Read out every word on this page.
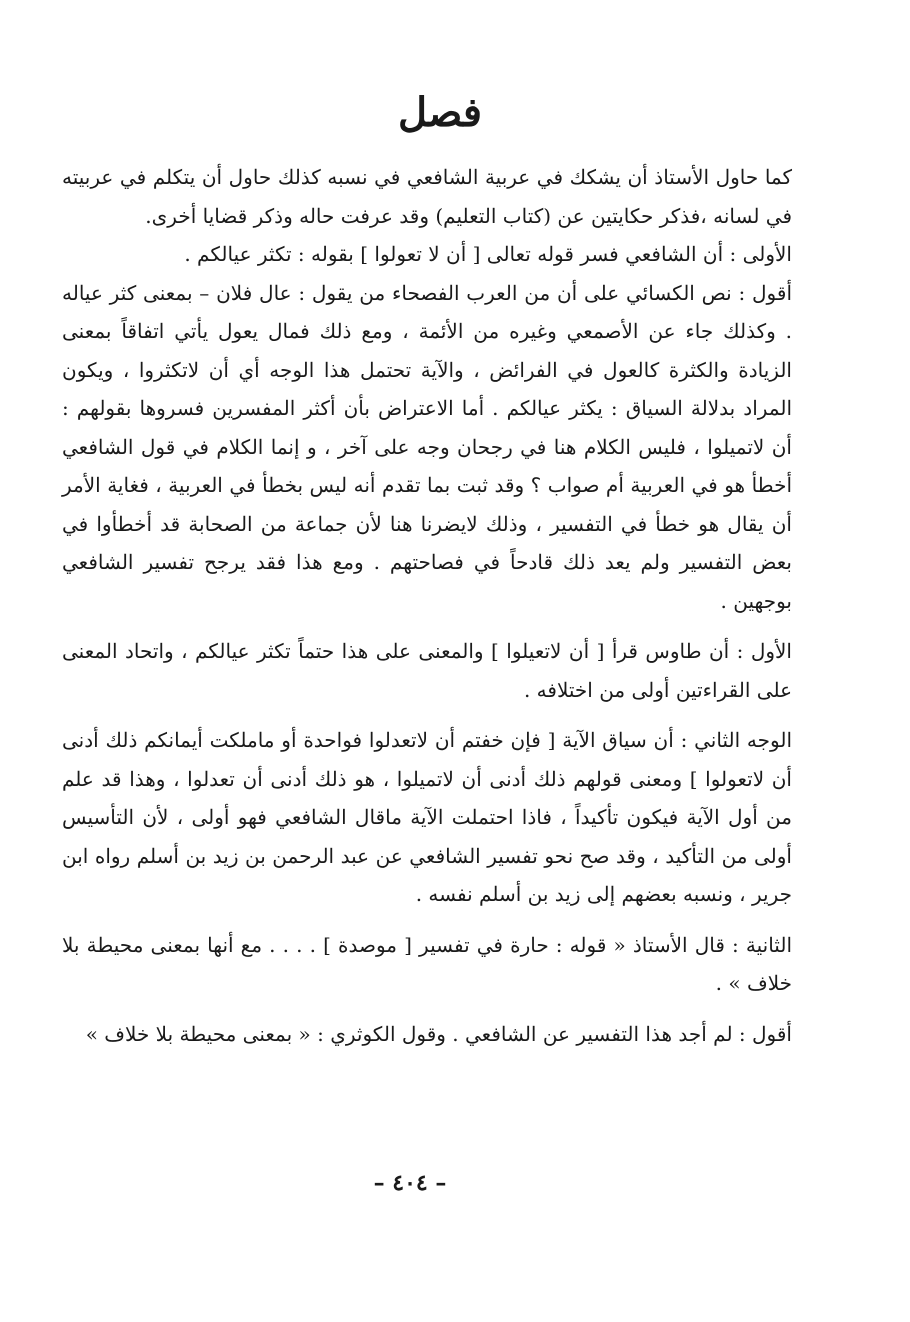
فصل

كما حاول الأستاذ أن يشكك في عربية الشافعي في نسبه كذلك حاول أن يتكلم في عربيته في لسانه ،فذكر حكايتين عن (كتاب التعليم) وقد عرفت حاله وذكر قضايا أخرى.

الأولى : أن الشافعي فسر قوله تعالى [ أن لا تعولوا ] بقوله : تكثر عيالكم .

أقول : نص الكسائي على أن من العرب الفصحاء من يقول : عال فلان – بمعنى كثر عياله . وكذلك جاء عن الأصمعي وغيره من الأئمة ، ومع ذلك فمال يعول يأتي اتفاقاً بمعنى الزيادة والكثرة كالعول في الفرائض ، والآية تحتمل هذا الوجه أي أن لاتكثروا ، ويكون المراد بدلالة السياق : يكثر عيالكم . أما الاعتراض بأن أكثر المفسرين فسروها بقولهم : أن لاتميلوا ، فليس الكلام هنا في رجحان وجه على آخر ، و إنما الكلام في قول الشافعي أخطأ هو في العربية أم صواب ؟ وقد ثبت بما تقدم أنه ليس بخطأ في العربية ، فغاية الأمر أن يقال هو خطأ في التفسير ، وذلك لايضرنا هنا لأن جماعة من الصحابة قد أخطأوا في بعض التفسير ولم يعد ذلك قادحاً في فصاحتهم . ومع هذا فقد يرجح تفسير الشافعي بوجهين .

الأول : أن طاوس قرأ [ أن لاتعيلوا ] والمعنى على هذا حتماً تكثر عيالكم ، واتحاد المعنى على القراءتين أولى من اختلافه .

الوجه الثاني : أن سياق الآية [ فإن خفتم أن لاتعدلوا فواحدة أو ماملكت أيمانكم ذلك أدنى أن لاتعولوا ] ومعنى قولهم ذلك أدنى أن لاتميلوا ، هو ذلك أدنى أن تعدلوا ، وهذا قد علم من أول الآية فيكون تأكيداً ، فاذا احتملت الآية ماقال الشافعي فهو أولى ، لأن التأسيس أولى من التأكيد ، وقد صح نحو تفسير الشافعي عن عبد الرحمن بن زيد بن أسلم رواه ابن جرير ، ونسبه بعضهم إلى زيد بن أسلم نفسه .

الثانية : قال الأستاذ « قوله : حارة في تفسير [ موصدة ] . . . . مع أنها بمعنى محيطة بلا خلاف » .

أقول : لم أجد هذا التفسير عن الشافعي . وقول الكوثري : « بمعنى محيطة بلا خلاف »

– ٤٠٤ –
